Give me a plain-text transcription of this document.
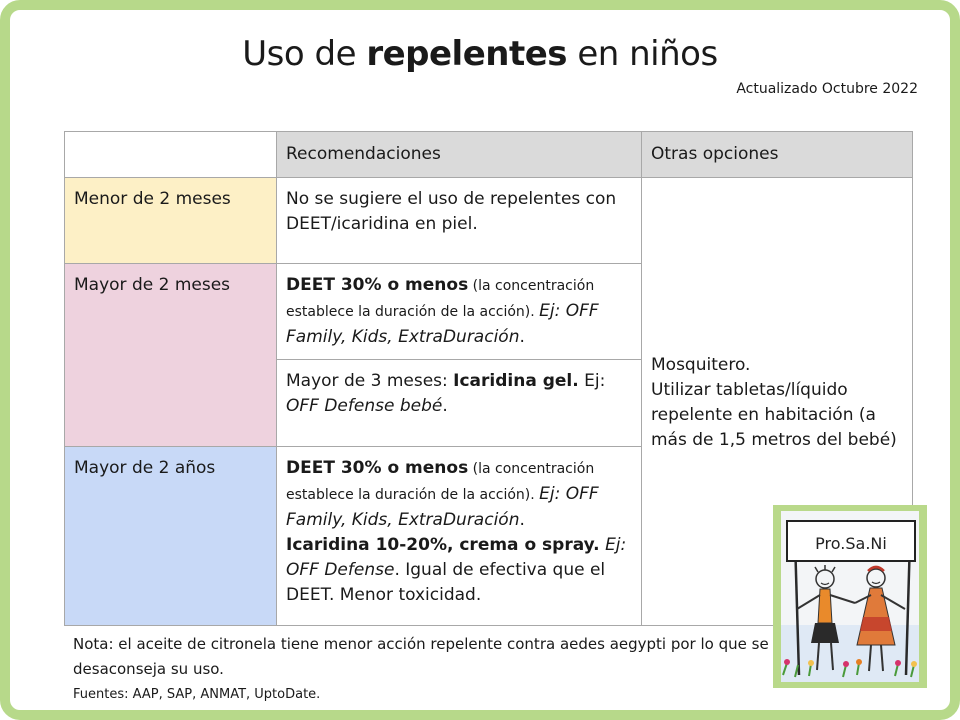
Uso de repelentes en niños
Actualizado Octubre 2022
	Recomendaciones	Otras opciones
Menor de 2 meses	No se sugiere el uso de repelentes con DEET/icaridina en piel.	Mosquitero.
Utilizar tabletas/líquido repelente en habitación (a más de 1,5 metros del bebé)
Mayor de 2 meses	DEET 30% o menos (la concentración establece la duración de la acción). Ej: OFF Family, Kids, ExtraDuración.	
	Mayor de 3 meses: Icaridina gel. Ej: OFF Defense bebé.	
Mayor de 2 años	DEET 30% o menos (la concentración establece la duración de la acción). Ej: OFF Family, Kids, ExtraDuración.
Icaridina 10-20%, crema o spray. Ej: OFF Defense. Igual de efectiva que el DEET. Menor toxicidad.	
Nota: el aceite de citronela tiene menor acción repelente contra aedes aegypti por lo que se desaconseja su uso.
Fuentes: AAP, SAP, ANMAT, UptoDate.
Pro.Sa.Ni
